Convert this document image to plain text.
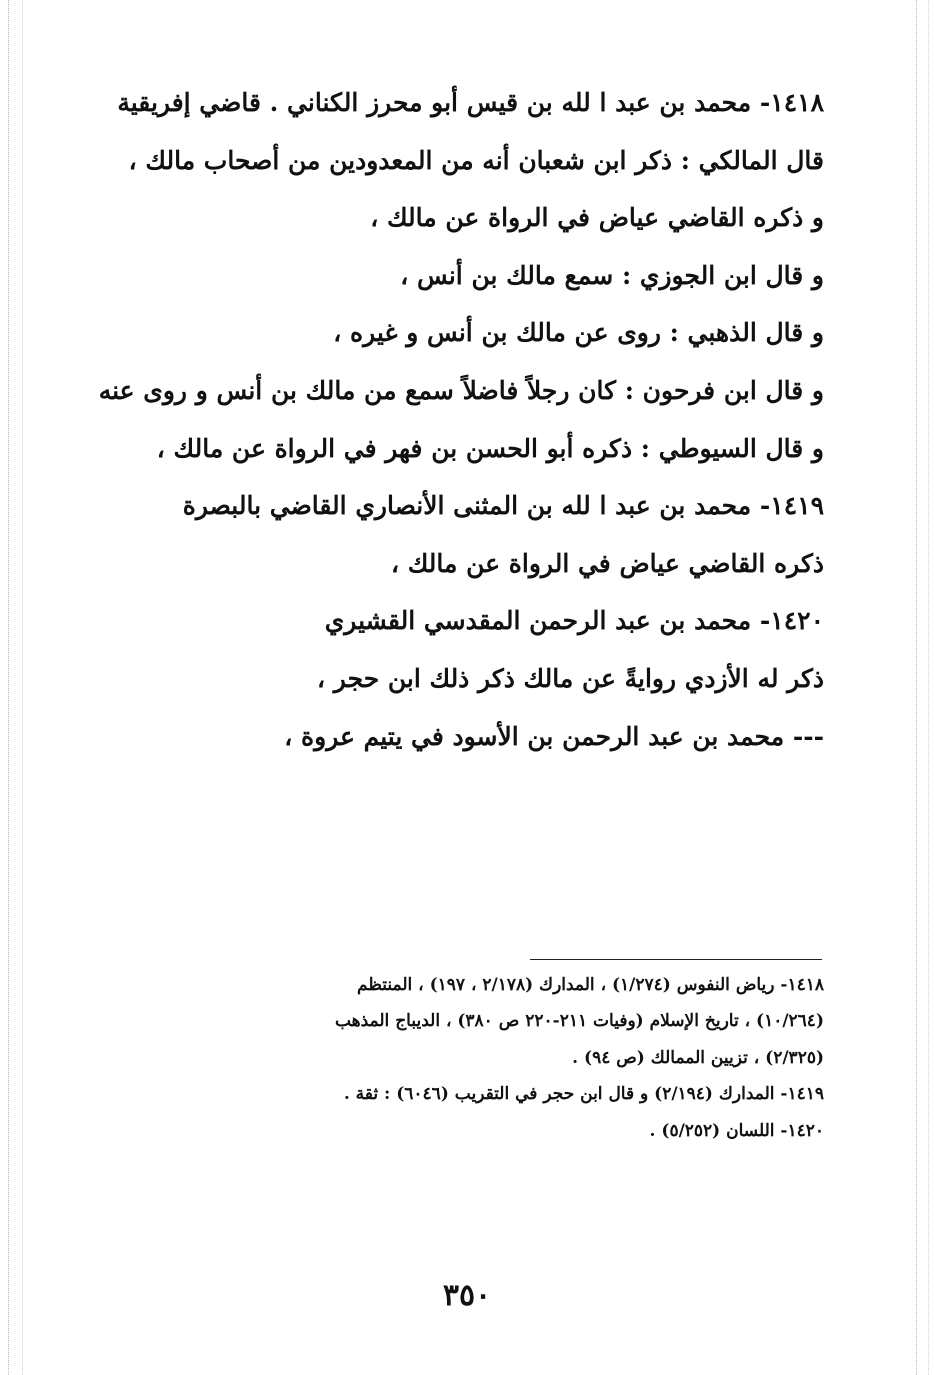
١٤١٨- محمد بن عبد ا لله بن قيس أبو محرز الكناني . قاضي إفريقية
قال المالكي : ذكر ابن شعبان أنه من المعدودين من أصحاب مالك ،
و ذكره القاضي عياض في الرواة عن مالك ،
و قال ابن الجوزي : سمع مالك بن أنس ،
و قال الذهبي : روى عن مالك بن أنس و غيره ،
و قال ابن فرحون : كان رجلاً فاضلاً سمع من مالك بن أنس و روى عنه
و قال السيوطي : ذكره أبو الحسن بن فهر في الرواة عن مالك ،
١٤١٩- محمد بن عبد ا لله بن المثنى الأنصاري القاضي بالبصرة
ذكره القاضي عياض في الرواة عن مالك ،
١٤٢٠- محمد بن عبد الرحمن المقدسي القشيري
ذكر له الأزدي روايةً عن مالك ذكر ذلك ابن حجر ،
--- محمد بن عبد الرحمن بن الأسود في يتيم عروة ،
١٤١٨- رياض النفوس (١/٢٧٤) ، المدارك (٢/١٧٨ ، ١٩٧) ، المنتظم
(١٠/٢٦٤) ، تاريخ الإسلام (وفيات ٢١١-٢٢٠ ص ٣٨٠) ، الديباج المذهب
(٢/٣٢٥) ، تزيين الممالك (ص ٩٤) .
١٤١٩- المدارك (٢/١٩٤) و قال ابن حجر في التقريب (٦٠٤٦) : ثقة .
١٤٢٠- اللسان (٥/٢٥٢) .
٣٥٠
